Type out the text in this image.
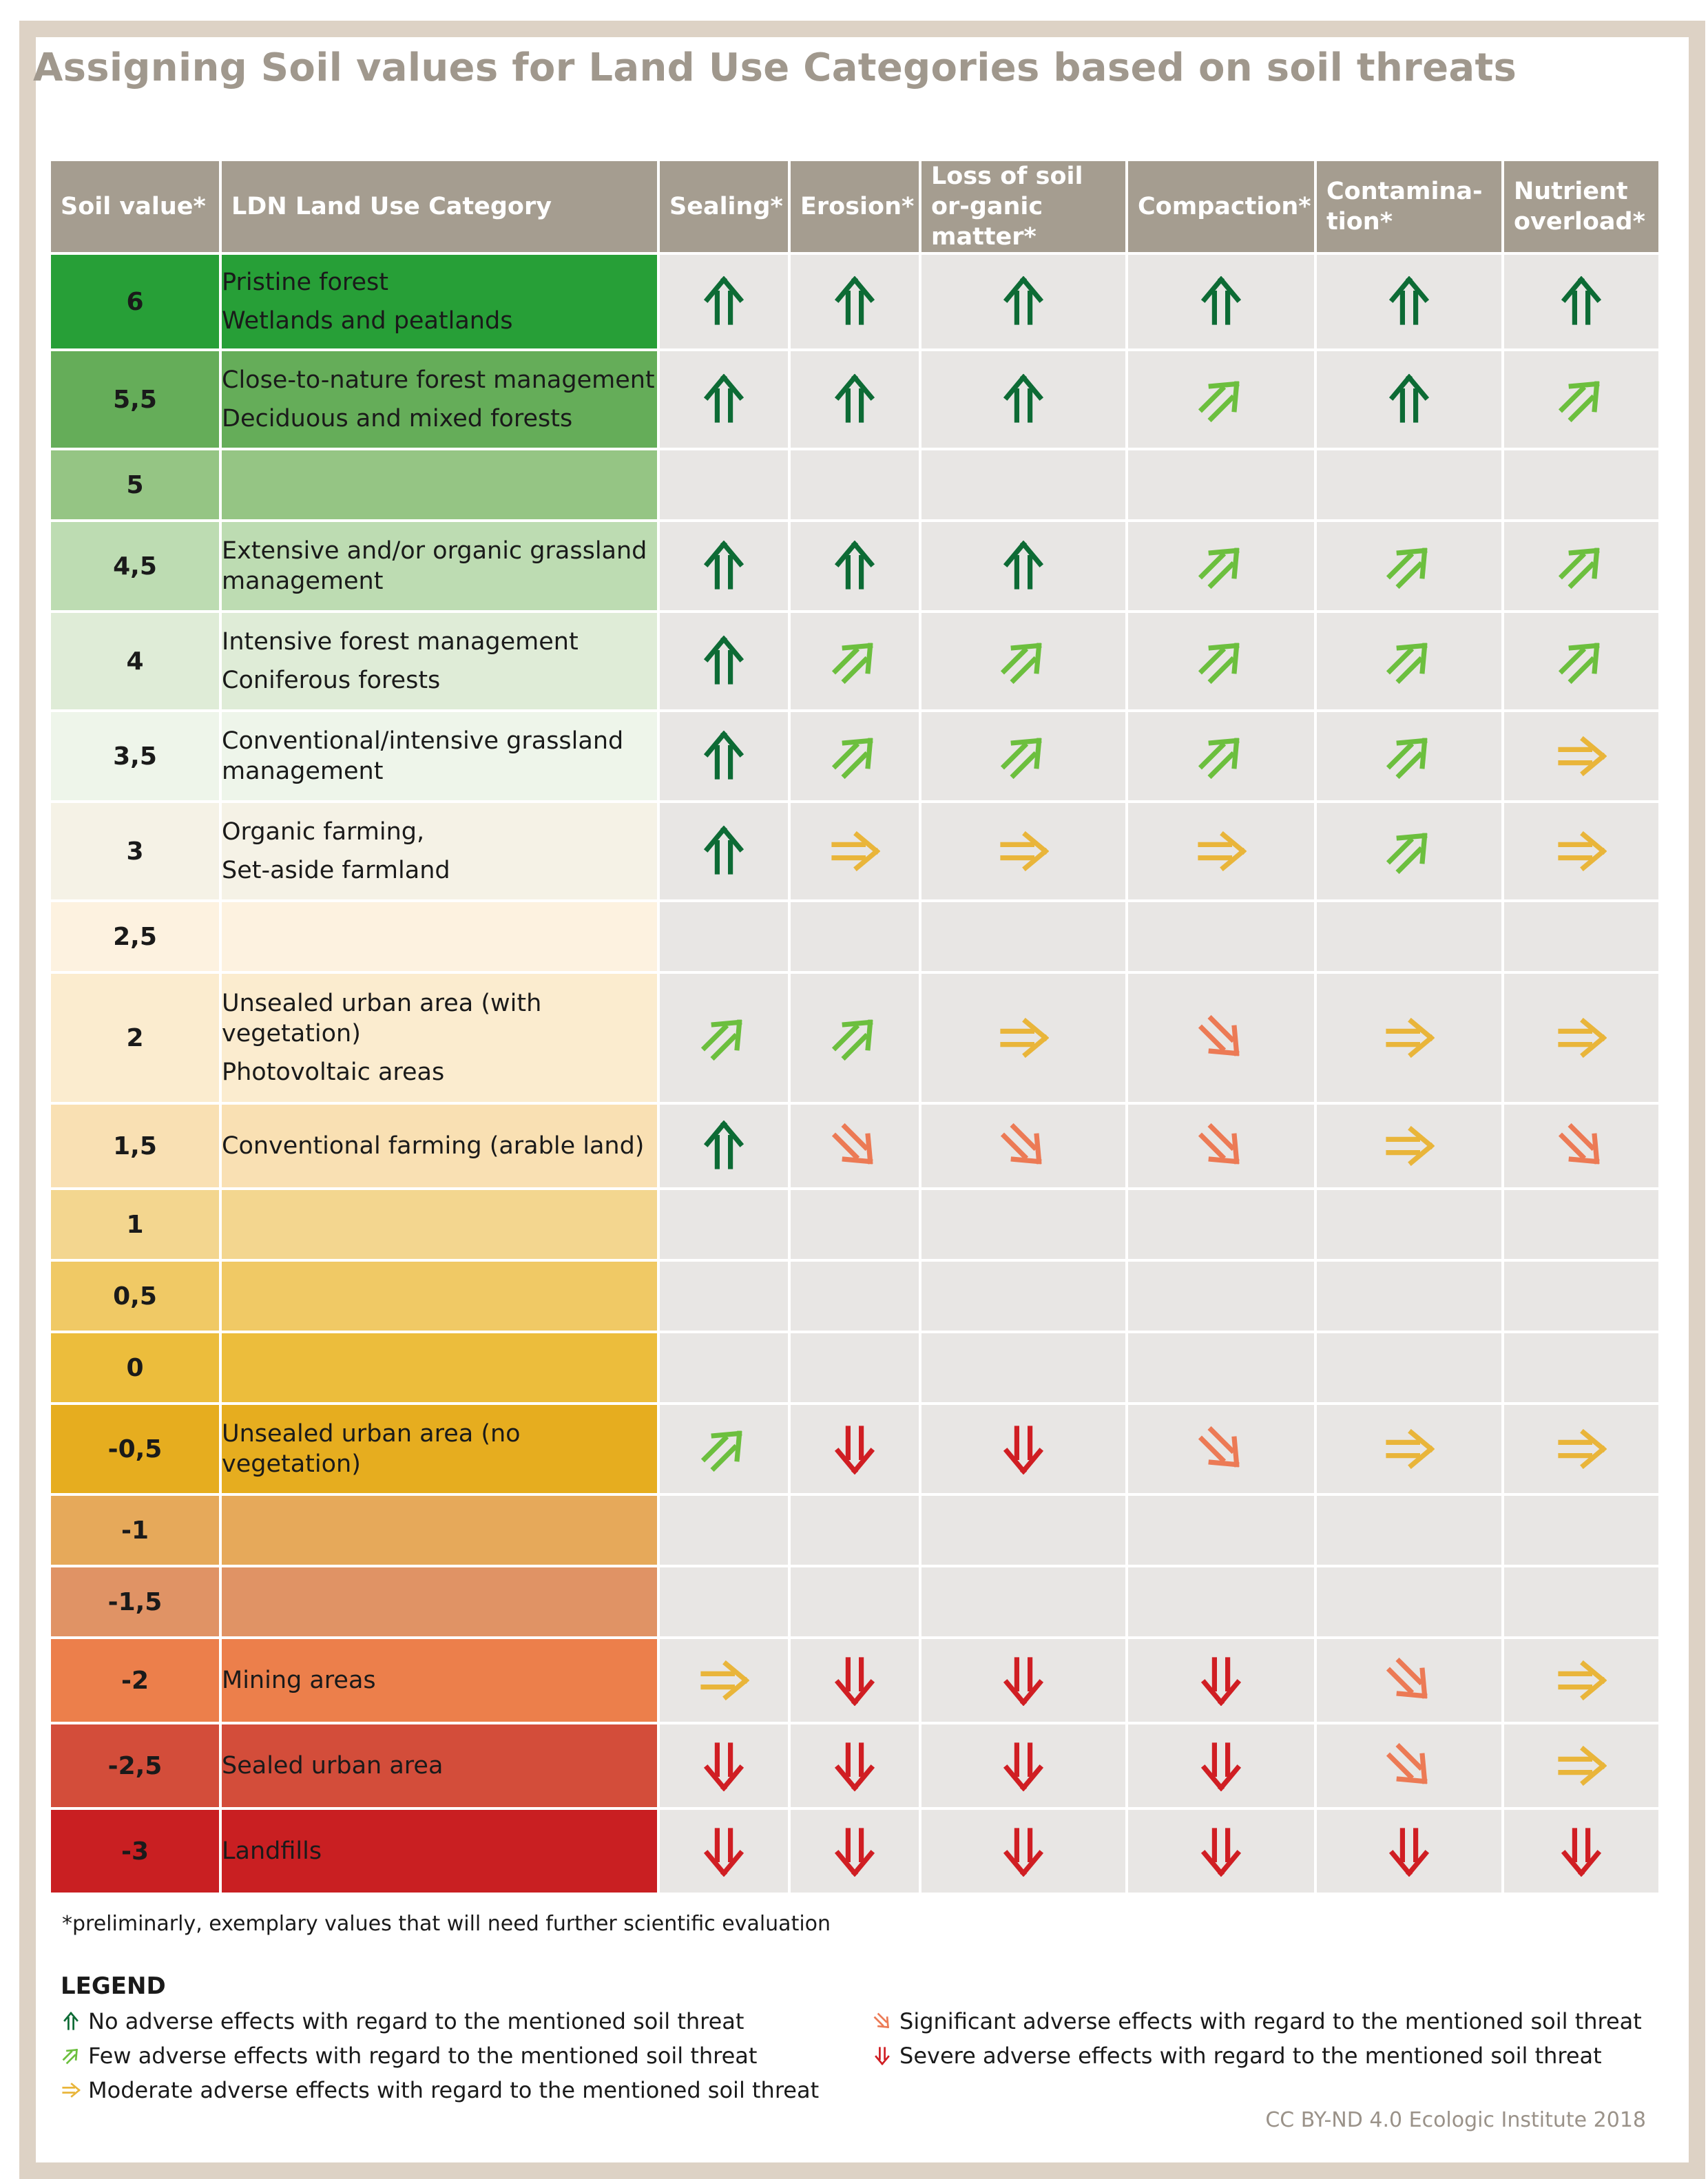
Assigning Soil values for Land Use Categories based on soil threats
Soil value*	LDN Land Use Category	Sealing*	Erosion*	Loss of soil or-ganic matter*	Compaction*	Contamina-tion*	Nutrient overload*
6	Pristine forest
Wetlands and peatlands

5,5	Close-to-nature forest management
Deciduous and mixed forests

5							
4,5	Extensive and/or organic grassland management

4	Intensive forest management
Coniferous forests

3,5	Conventional/intensive grassland management

3	Organic farming,
Set-aside farmland

2,5							
2	Unsealed urban area (with vegetation)
Photovoltaic areas

1,5	Conventional farming (arable land)

1							
0,5							
0							
-0,5	Unsealed urban area (no vegetation)

-1							
-1,5							
-2	Mining areas

-2,5	Sealed urban area

-3	Landfills

*preliminarly, exemplary values that will need further scientific evaluation
LEGEND
No adverse effects with regard to the mentioned soil threat
Few adverse effects with regard to the mentioned soil threat
Moderate adverse effects with regard to the mentioned soil threat
Significant adverse effects with regard to the mentioned soil threat
Severe adverse effects with regard to the mentioned soil threat
CC BY-ND 4.0 Ecologic Institute 2018
